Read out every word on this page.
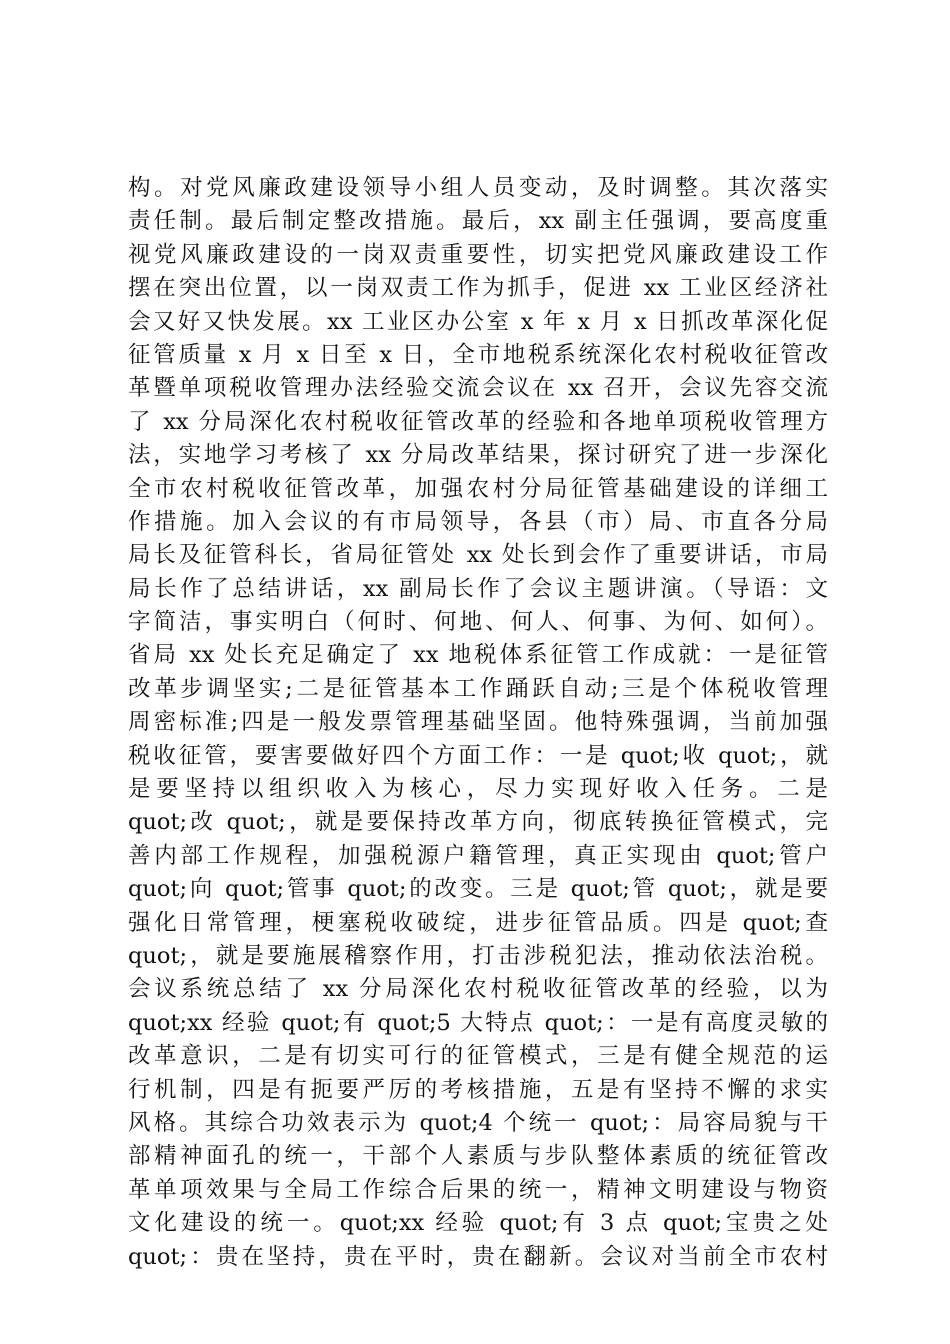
构。对党风廉政建设领导小组人员变动，及时调整。其次落实
责任制。最后制定整改措施。最后，xx 副主任强调，要高度重
视党风廉政建设的一岗双责重要性，切实把党风廉政建设工作
摆在突出位置，以一岗双责工作为抓手，促进 xx 工业区经济社
会又好又快发展。xx 工业区办公室 x 年 x 月 x 日抓改革深化促
征管质量 x 月 x 日至 x 日，全市地税系统深化农村税收征管改
革暨单项税收管理办法经验交流会议在 xx 召开，会议先容交流
了 xx 分局深化农村税收征管改革的经验和各地单项税收管理方
法，实地学习考核了 xx 分局改革结果，探讨研究了进一步深化
全市农村税收征管改革，加强农村分局征管基础建设的详细工
作措施。加入会议的有市局领导，各县（市）局、市直各分局
局长及征管科长，省局征管处 xx 处长到会作了重要讲话，市局
局长作了总结讲话，xx 副局长作了会议主题讲演。（导语：文
字简洁，事实明白（何时、何地、何人、何事、为何、如何）。
省局 xx 处长充足确定了 xx 地税体系征管工作成就：一是征管
改革步调坚实;二是征管基本工作踊跃自动;三是个体税收管理
周密标准;四是一般发票管理基础坚固。他特殊强调，当前加强
税收征管，要害要做好四个方面工作：一是 quot;收 quot;，就
是要坚持以组织收入为核心，尽力实现好收入任务。二是
quot;改 quot;，就是要保持改革方向，彻底转换征管模式，完
善内部工作规程，加强税源户籍管理，真正实现由 quot;管户
quot;向 quot;管事 quot;的改变。三是 quot;管 quot;，就是要
强化日常管理，梗塞税收破绽，进步征管品质。四是 quot;查
quot;，就是要施展稽察作用，打击涉税犯法，推动依法治税。
会议系统总结了 xx 分局深化农村税收征管改革的经验，以为
quot;xx 经验 quot;有 quot;5 大特点 quot;：一是有高度灵敏的
改革意识，二是有切实可行的征管模式，三是有健全规范的运
行机制，四是有扼要严厉的考核措施，五是有坚持不懈的求实
风格。其综合功效表示为 quot;4 个统一 quot;：局容局貌与干
部精神面孔的统一，干部个人素质与步队整体素质的统征管改
革单项效果与全局工作综合后果的统一，精神文明建设与物资
文化建设的统一。quot;xx 经验 quot;有 3 点 quot;宝贵之处
quot;：贵在坚持，贵在平时，贵在翻新。会议对当前全市农村
